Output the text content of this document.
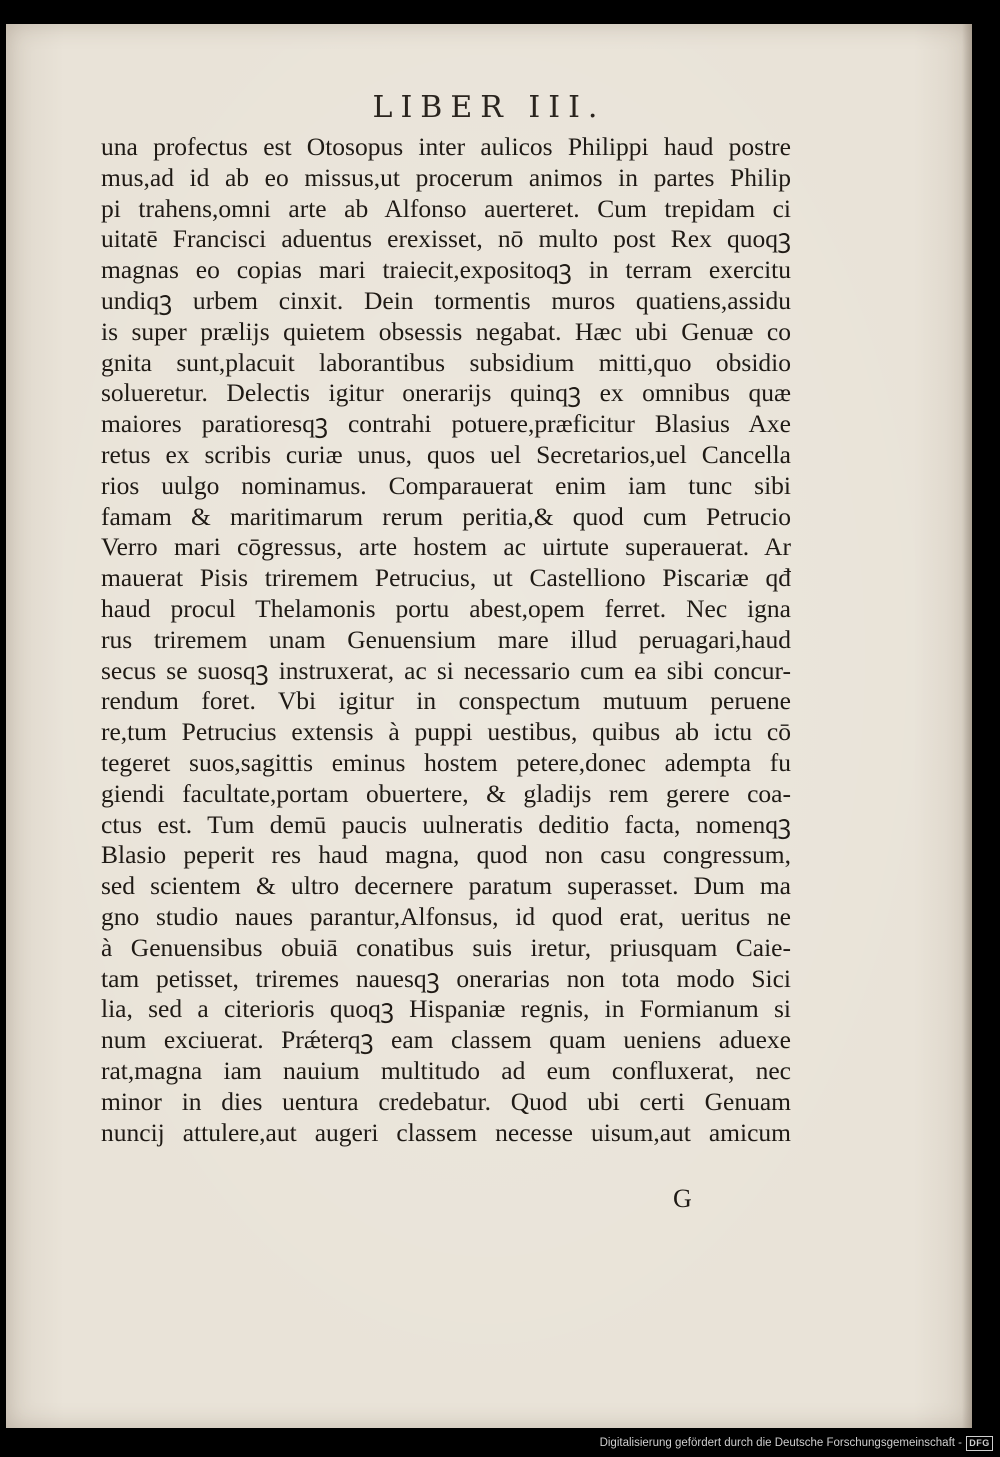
LIBER III.
una profectus est Otosopus inter aulicos Philippi haud postre
mus,ad id ab eo missus,ut procerum animos in partes Philip
pi trahens,omni arte ab Alfonso auerteret. Cum trepidam ci
uitatē Francisci aduentus erexisset, nō multo post Rex quoqꝫ
magnas eo copias mari traiecit,expositoqꝫ in terram exercitu
undiqꝫ urbem cinxit. Dein tormentis muros quatiens,assidu
is super prælijs quietem obsessis negabat. Hæc ubi Genuæ co
gnita sunt,placuit laborantibus subsidium mitti,quo obsidio
solueretur. Delectis igitur onerarijs quinqꝫ ex omnibus quæ
maiores paratioresqꝫ contrahi potuere,præficitur Blasius Axe
retus ex scribis curiæ unus, quos uel Secretarios,uel Cancella
rios uulgo nominamus. Comparauerat enim iam tunc sibi
famam & maritimarum rerum peritia,& quod cum Petrucio
Verro mari cōgressus, arte hostem ac uirtute superauerat. Ar
mauerat Pisis triremem Petrucius, ut Castelliono Piscariæ qđ
haud procul Thelamonis portu abest,opem ferret. Nec igna
rus triremem unam Genuensium mare illud peruagari,haud
secus se suosqꝫ instruxerat, ac si necessario cum ea sibi concur-
rendum foret. Vbi igitur in conspectum mutuum peruene
re,tum Petrucius extensis à puppi uestibus, quibus ab ictu cō
tegeret suos,sagittis eminus hostem petere,donec adempta fu
giendi facultate,portam obuertere, & gladijs rem gerere coa-
ctus est. Tum demū paucis uulneratis deditio facta, nomenqꝫ
Blasio peperit res haud magna, quod non casu congressum,
sed scientem & ultro decernere paratum superasset. Dum ma
gno studio naues parantur,Alfonsus, id quod erat, ueritus ne
à Genuensibus obuiā conatibus suis iretur, priusquam Caie-
tam petisset, triremes nauesqꝫ onerarias non tota modo Sici
lia, sed a citerioris quoqꝫ Hispaniæ regnis, in Formianum si
num exciuerat. Prǽterqꝫ eam classem quam ueniens aduexe
rat,magna iam nauium multitudo ad eum confluxerat, nec
minor in dies uentura credebatur. Quod ubi certi Genuam
nuncij attulere,aut augeri classem necesse uisum,aut amicum
G
Digitalisierung gefördert durch die Deutsche Forschungsgemeinschaft - DFG
